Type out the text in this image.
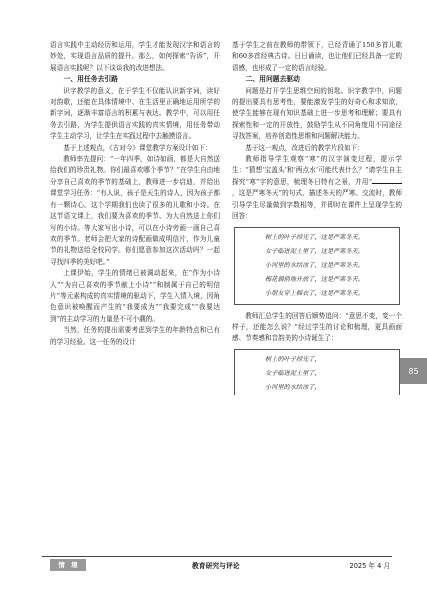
语言实践中主动经历和运用，学生才能发现汉字和语言的妙处，实现语言品质的提升。那么，如何探索“告诉”，开展语言实践呢？以下谈谈我的改进想法。

一、用任务去引路

识字教学的意义，在于学生不仅能认识新字词，读好对韵歌，还能在具体情境中、在生活里正确地运用所学的新字词，逐渐丰富语言的积累与表达。教学中，可以用任务去引路，为学生提供语言实践的真实情境，用任务带动学生主动学习，让学生在实践过程中去触摸语言。

基于上述观点，《古对今》课堂教学方案设计如下：

教师率先提问：“一年四季，如诗如画，都是大自然送给我们的珍贵礼物。你们最喜欢哪个季节？”在学生自由地分享自己喜欢的季节的基础上，教师进一步启迪，并给出课堂学习任务：“有人说，孩子是天生的诗人，因为孩子都有一颗诗心。这个学期我们也读了很多的儿歌和小诗。在这节语文课上，我们要为喜欢的季节、为大自然送上你们写的小诗。等大家写出小诗，可以在小诗旁画一画自己喜欢的季节。老师会把大家的诗配画做成明信片，作为儿童节的礼物送给全校同学。你们愿意参加这次活动吗？一起寻找四季的美好吧。”

上课伊始，学生的情绪已被调动起来，在“作为小诗人”“为自己喜欢的季节献上小诗”“和制属于自己的明信片”等元素构成的真实情境的驱动下，学生入情入境，因角色意识被唤醒而产生的“我要成为”“我要完成”“我要达到”的主动学习的力量是不可小觑的。

当然，任务的提出需要考虑到学生的年龄特点和已有的学习经验。这一任务的设计

基于学生之前在教师的带领下，已经背诵了150多首儿歌和60多首经典古诗。日日诵读，也让他们已经具备一定的语感，也形成了一定的语言经验。

二、用问题去驱动

问题是打开学生思维空间的钥匙。识字教学中，问题的提出要具有思考性，要能激发学生的好奇心和求知欲，使学生能够在现有知识基础上进一步思考和理解；要具有探索性和一定的开放性，鼓励学生从不同角度用不同途径寻找答案，培养创造性思维和问题解决能力。

基于这一观点，改进后的教学片段如下：

教师指导学生观察“寒”的汉字演变过程，提示学生：“猜想‘宝盖头’和‘两点水’可能代表什么？”请学生自主探究“寒”字的意思，梳理冬日特有之景，并用“，这是严寒冬天”的句式，描述冬天的严寒。交流时，教师引导学生尽量做到字数相等，并即时在课件上呈现学生的回答：

树上的叶子掉光了，这是严寒冬天。
女子临进泥土里了，这是严寒冬天。
小河里的水结冰了，这是严寒冬天。
梅花偶俏地开放了，这是严寒冬天。
小朋友穿上棉衣了，这是严寒冬天。

教师汇总学生的回答后顺势追问：“意思不变，变一个样子，还能怎么说？”经过学生的讨论和梳理，更具画面感、节奏感和音韵美的小诗诞生了：

树上的叶子掉光了，
女子临进泥土里了，
小河里的水结冰了，
85
情　境	教育研究与评论	2025 年 4 月
